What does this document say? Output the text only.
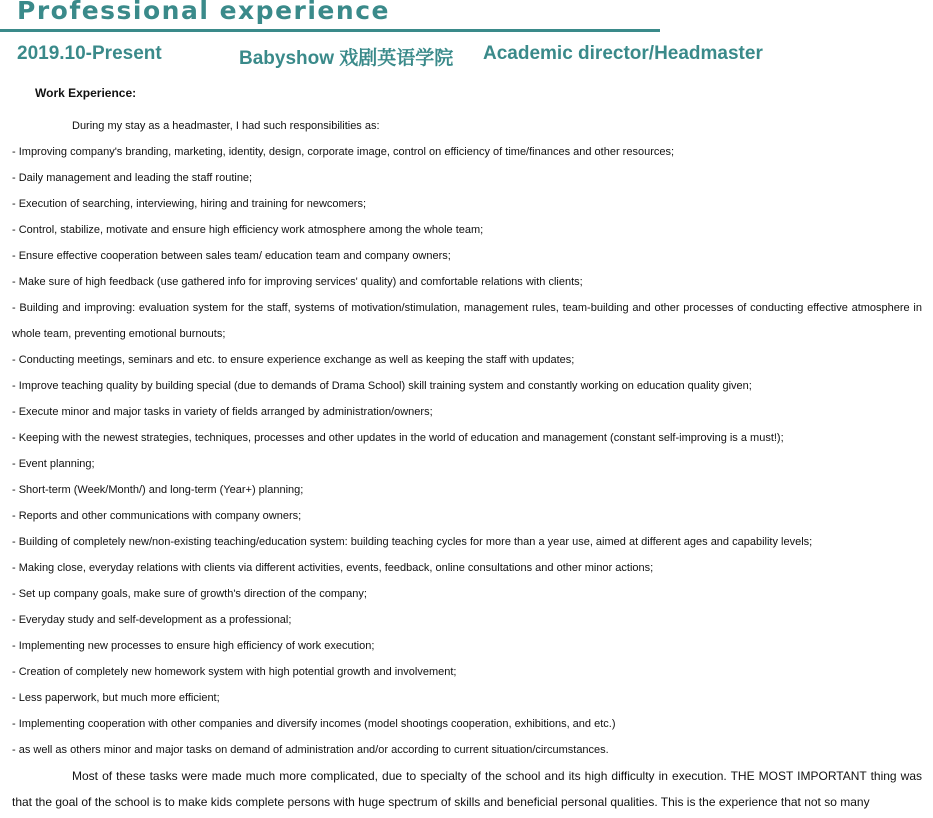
Professional experience
2019.10-Present	Babyshow 戏剧英语学院 Academic director/Headmaster
Work Experience:
During my stay as a headmaster, I had such responsibilities as:
- Improving company's branding, marketing, identity, design, corporate image, control on efficiency of time/finances and other resources;
- Daily management and leading the staff routine;
- Execution of searching, interviewing, hiring and training for newcomers;
- Control, stabilize, motivate and ensure high efficiency work atmosphere among the whole team;
- Ensure effective cooperation between sales team/ education team and company owners;
- Make sure of high feedback (use gathered info for improving services' quality) and comfortable relations with clients;
- Building and improving: evaluation system for the staff, systems of motivation/stimulation, management rules, team-building and other processes of conducting effective atmosphere in whole team, preventing emotional burnouts;
- Conducting meetings, seminars and etc. to ensure experience exchange as well as keeping the staff with updates;
- Improve teaching quality by building special (due to demands of Drama School) skill training system and constantly working on education quality given;
- Execute minor and major tasks in variety of fields arranged by administration/owners;
- Keeping with the newest strategies, techniques, processes and other updates in the world of education and management (constant self-improving is a must!);
- Event planning;
- Short-term (Week/Month/) and long-term (Year+) planning;
- Reports and other communications with company owners;
- Building of completely new/non-existing teaching/education system: building teaching cycles for more than a year use, aimed at different ages and capability levels;
- Making close, everyday relations with clients via different activities, events, feedback, online consultations and other minor actions;
- Set up company goals, make sure of growth's direction of the company;
- Everyday study and self-development as a professional;
- Implementing new processes to ensure high efficiency of work execution;
- Creation of completely new homework system with high potential growth and involvement;
- Less paperwork, but much more efficient;
- Implementing cooperation with other companies and diversify incomes (model shootings cooperation, exhibitions, and etc.)
- as well as others minor and major tasks on demand of administration and/or according to current situation/circumstances.

Most of these tasks were made much more complicated, due to specialty of the school and its high difficulty in execution. THE MOST IMPORTANT thing was that the goal of the school is to make kids complete persons with huge spectrum of skills and beneficial personal qualities. This is the experience that not so many
